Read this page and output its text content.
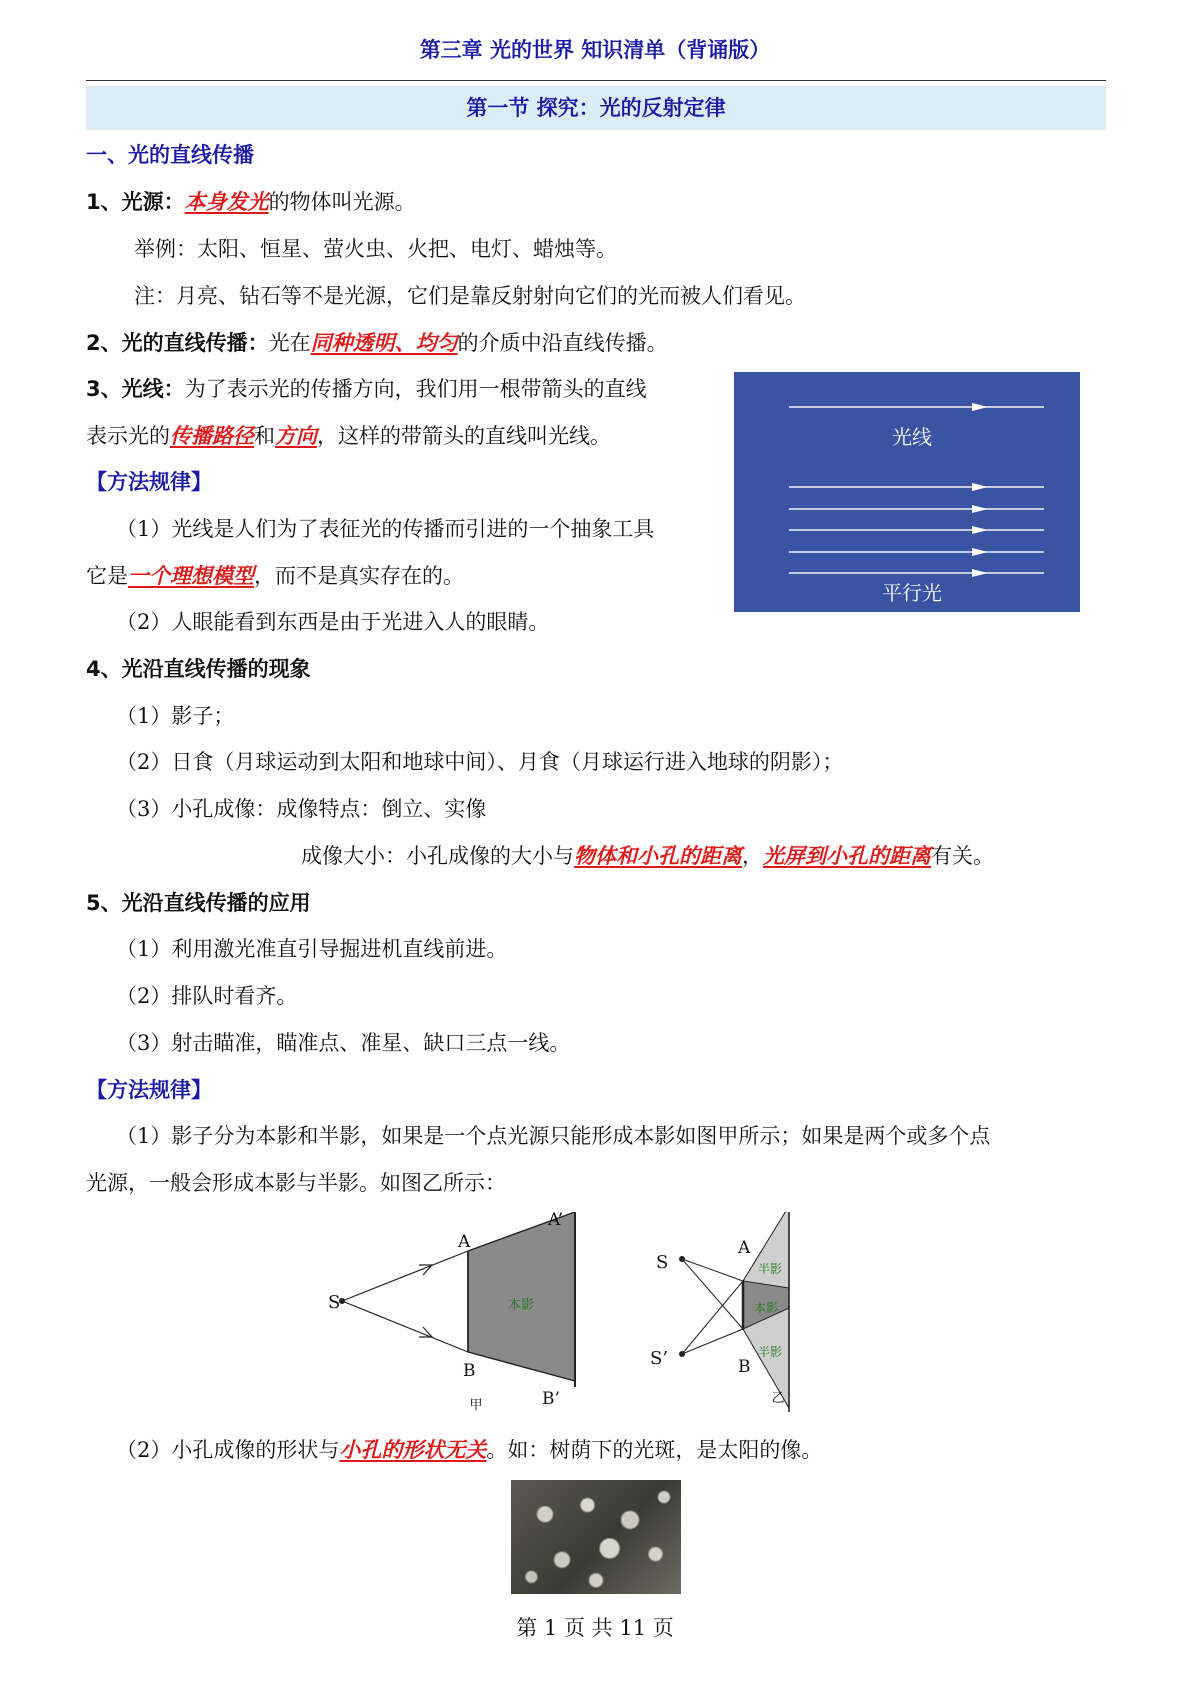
第三章 光的世界 知识清单（背诵版）
第一节 探究：光的反射定律
一、光的直线传播
1、光源：本身发光的物体叫光源。
举例：太阳、恒星、萤火虫、火把、电灯、蜡烛等。
注：月亮、钻石等不是光源，它们是靠反射射向它们的光而被人们看见。
2、光的直线传播：光在同种透明、均匀的介质中沿直线传播。
3、光线：为了表示光的传播方向，我们用一根带箭头的直线
表示光的传播路径和方向，这样的带箭头的直线叫光线。
【方法规律】
（1）光线是人们为了表征光的传播而引进的一个抽象工具
它是一个理想模型，而不是真实存在的。
（2）人眼能看到东西是由于光进入人的眼睛。
光线
平行光
4、光沿直线传播的现象
（1）影子；
（2）日食（月球运动到太阳和地球中间）、月食（月球运行进入地球的阴影）；
（3）小孔成像：成像特点：倒立、实像
成像大小：小孔成像的大小与物体和小孔的距离，光屏到小孔的距离有关。
5、光沿直线传播的应用
（1）利用激光准直引导掘进机直线前进。
（2）排队时看齐。
（3）射击瞄准，瞄准点、准星、缺口三点一线。
【方法规律】
（1）影子分为本影和半影，如果是一个点光源只能形成本影如图甲所示；如果是两个或多个点
光源，一般会形成本影与半影。如图乙所示：
S
A
A’
B
B’
本影
甲
S
S’
A
B
半影
本影
半影
乙
（2）小孔成像的形状与小孔的形状无关。如：树荫下的光斑，是太阳的像。
第 1 页 共 11 页
